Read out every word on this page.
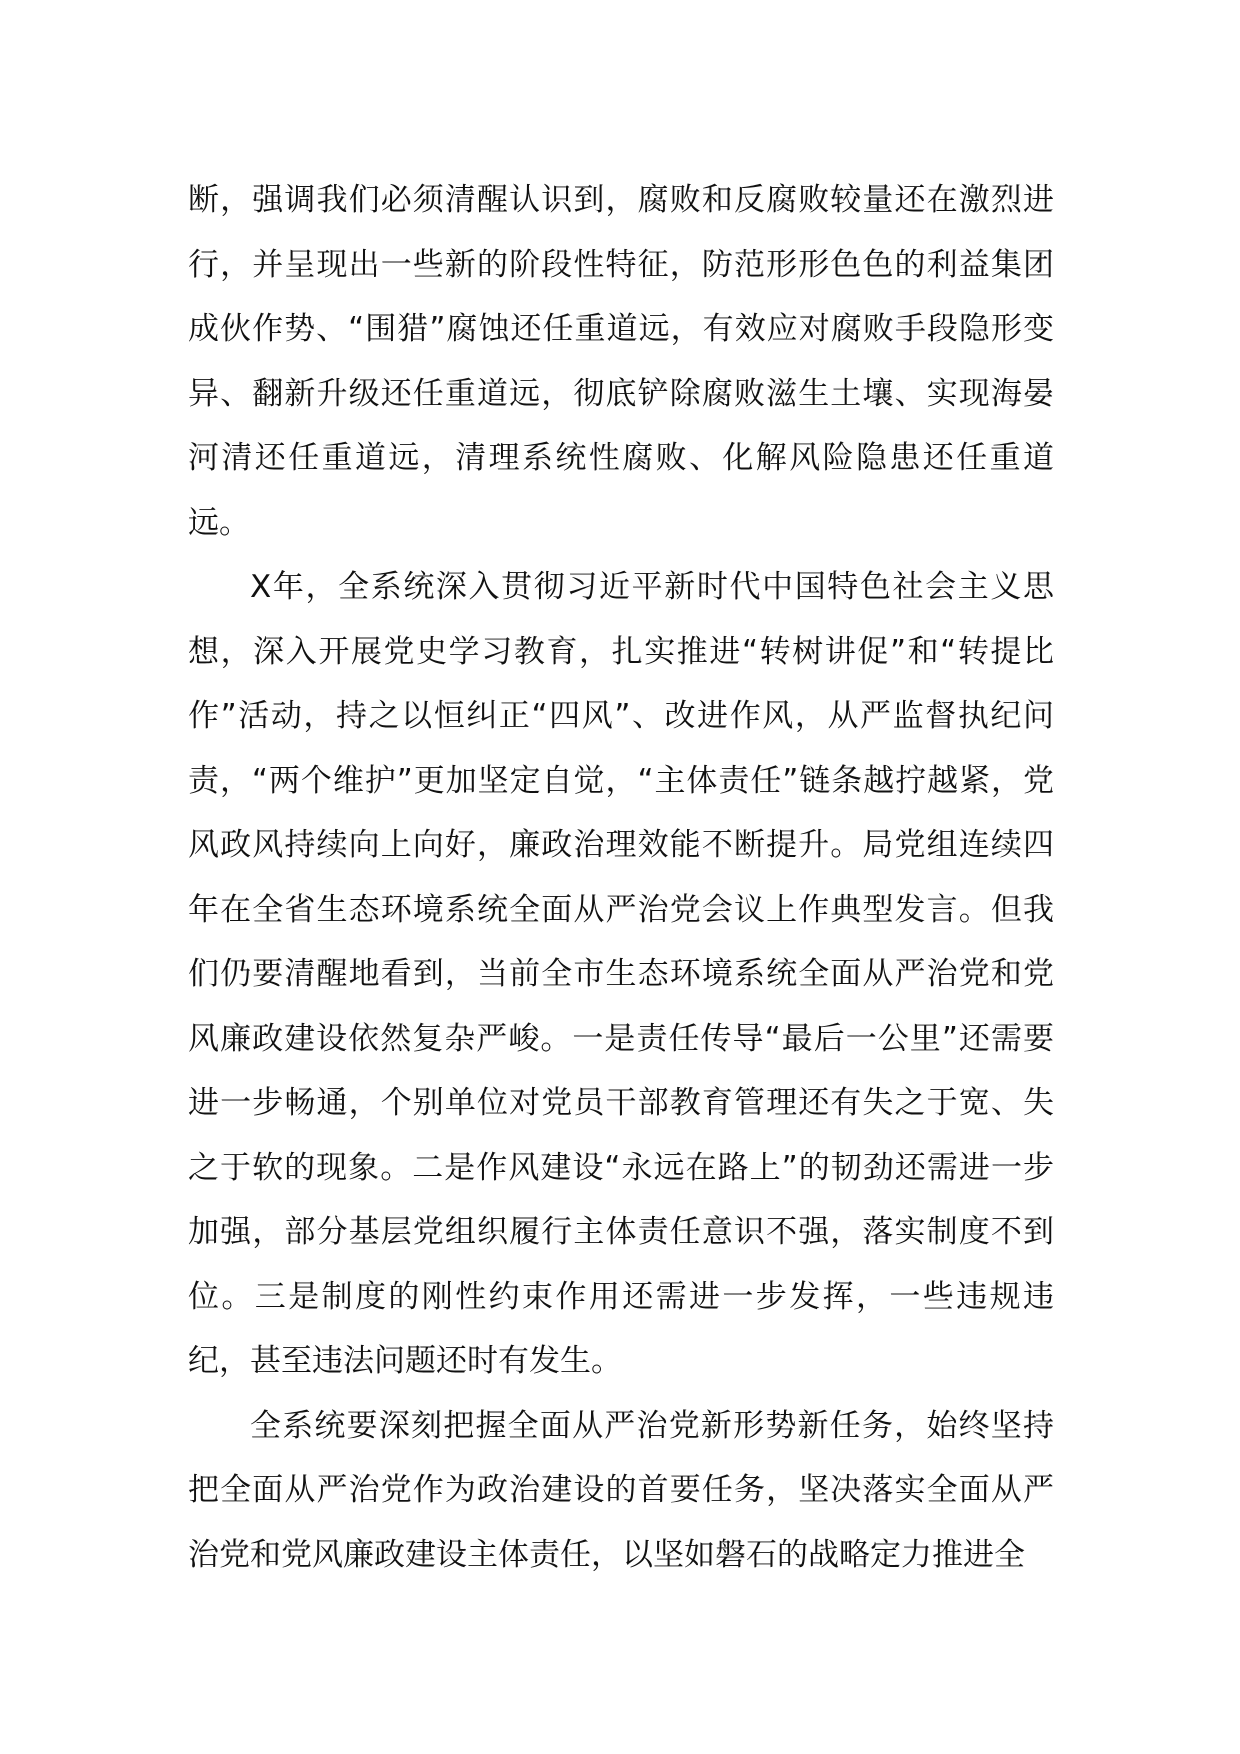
断，强调我们必须清醒认识到，腐败和反腐败较量还在激烈进行，并呈现出一些新的阶段性特征，防范形形色色的利益集团成伙作势、“围猎”腐蚀还任重道远，有效应对腐败手段隐形变异、翻新升级还任重道远，彻底铲除腐败滋生土壤、实现海晏河清还任重道远，清理系统性腐败、化解风险隐患还任重道远。

X年，全系统深入贯彻习近平新时代中国特色社会主义思想，深入开展党史学习教育，扎实推进“转树讲促”和“转提比作”活动，持之以恒纠正“四风”、改进作风，从严监督执纪问责，“两个维护”更加坚定自觉，“主体责任”链条越拧越紧，党风政风持续向上向好，廉政治理效能不断提升。局党组连续四年在全省生态环境系统全面从严治党会议上作典型发言。但我们仍要清醒地看到，当前全市生态环境系统全面从严治党和党风廉政建设依然复杂严峻。一是责任传导“最后一公里”还需要进一步畅通，个别单位对党员干部教育管理还有失之于宽、失之于软的现象。二是作风建设“永远在路上”的韧劲还需进一步加强，部分基层党组织履行主体责任意识不强，落实制度不到位。三是制度的刚性约束作用还需进一步发挥，一些违规违纪，甚至违法问题还时有发生。

全系统要深刻把握全面从严治党新形势新任务，始终坚持把全面从严治党作为政治建设的首要任务，坚决落实全面从严治党和党风廉政建设主体责任，以坚如磐石的战略定力推进全
